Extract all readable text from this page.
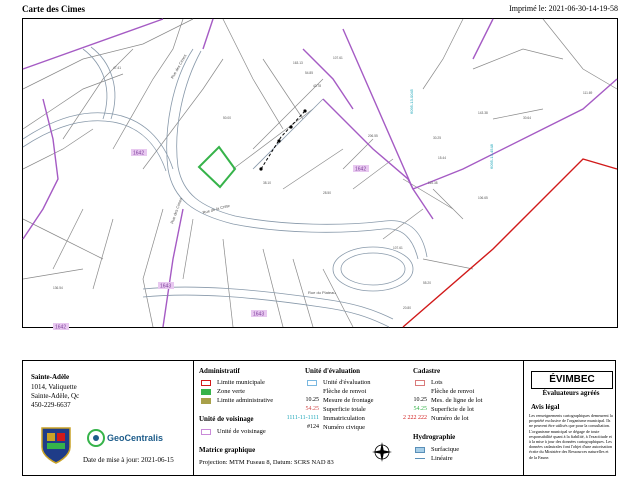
Carte des Cimes	Imprimé le: 2021-06-30-14-19-58
1642
1642
1643
1643
1642
Rue des Cimes
Rue des Cimes	Rue de la Crête
Rue du Plateau
6095-13-0045
6095-13-4548
163.13
54.85
107.61
43.78
206.55	30.25
15.44
115.38
106.65
143.38
30.64
111.69
107.61
55.20
20.80
38.10
28.50
136.54
47.41
50.00
Sainte-Adèle
1014, Valiquette
Sainte-Adèle, Qc
450-229-6637
GeoCentralis
Date de mise à jour: 2021-06-15
Administratif
Limite municipale
Zone verte
Limite administrative
Unité de voisinage
Unité de voisinage
Matrice graphique
Projection: MTM Fuseau 8, Datum: SCRS NAD 83
Unité d'évaluation
Unité d'évaluation
Flèche de renvoi
10.25 Mesure de frontage
54.25 Superficie totale
1111-11-1111 Immatriculation
#124 Numéro civique
Cadastre
Lots
Flèche de renvoi
10.25 Mes. de ligne de lot
54.25 Superficie de lot
2 222 222 Numéro de lot
Hydrographie
Surfacique
Linéaire
ÉVIMBEC
Évaluateurs agréés
Avis légal
Les renseignements cartographiques demeurent la propriété exclusive de l'organisme municipal. Ils ne peuvent être utilisés que pour la consultation. L'organisme municipal se dégage de toute responsabilité quant à la fiabilité, à l'exactitude et à la mise à jour des données cartographiques. Les données cadastrales font l'objet d'une autorisation écrite du Ministère des Ressources naturelles et de la Faune.
